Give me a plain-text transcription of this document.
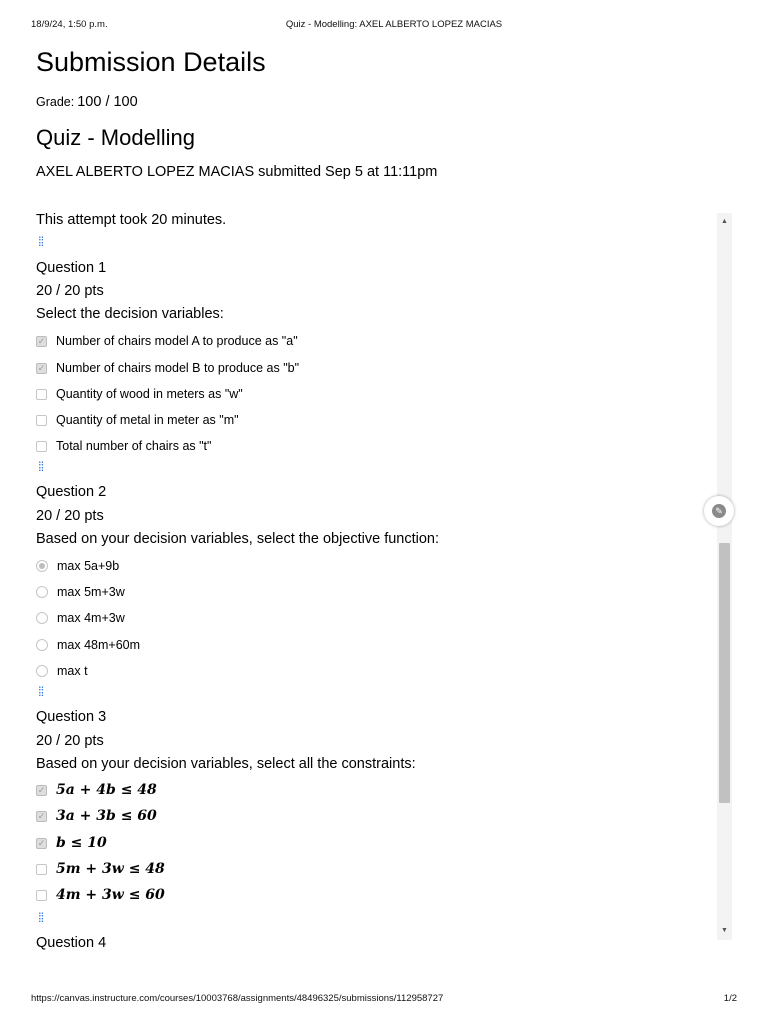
18/9/24, 1:50 p.m.	Quiz - Modelling: AXEL ALBERTO LOPEZ MACIAS
Submission Details
Grade: 100 / 100
Quiz - Modelling
AXEL ALBERTO LOPEZ MACIAS submitted Sep 5 at 11:11pm
This attempt took 20 minutes.
⁞⁞
Question 1
20 / 20 pts
Select the decision variables:
✓ Number of chairs model A to produce as "a"
✓ Number of chairs model B to produce as "b"
Quantity of wood in meters as "w"
Quantity of metal in meter as "m"
Total number of chairs as "t"
⁞⁞
Question 2
20 / 20 pts
Based on your decision variables, select the objective function:
max 5a+9b
max 5m+3w
max 4m+3w
max 48m+60m
max t
⁞⁞
Question 3
20 / 20 pts
Based on your decision variables, select all the constraints:
✓ 5a + 4b ≤ 48
✓ 3a + 3b ≤ 60
✓ b ≤ 10
5m + 3w ≤ 48
4m + 3w ≤ 60
⁞⁞
Question 4
▲
▼
✎
https://canvas.instructure.com/courses/10003768/assignments/48496325/submissions/112958727	1/2
